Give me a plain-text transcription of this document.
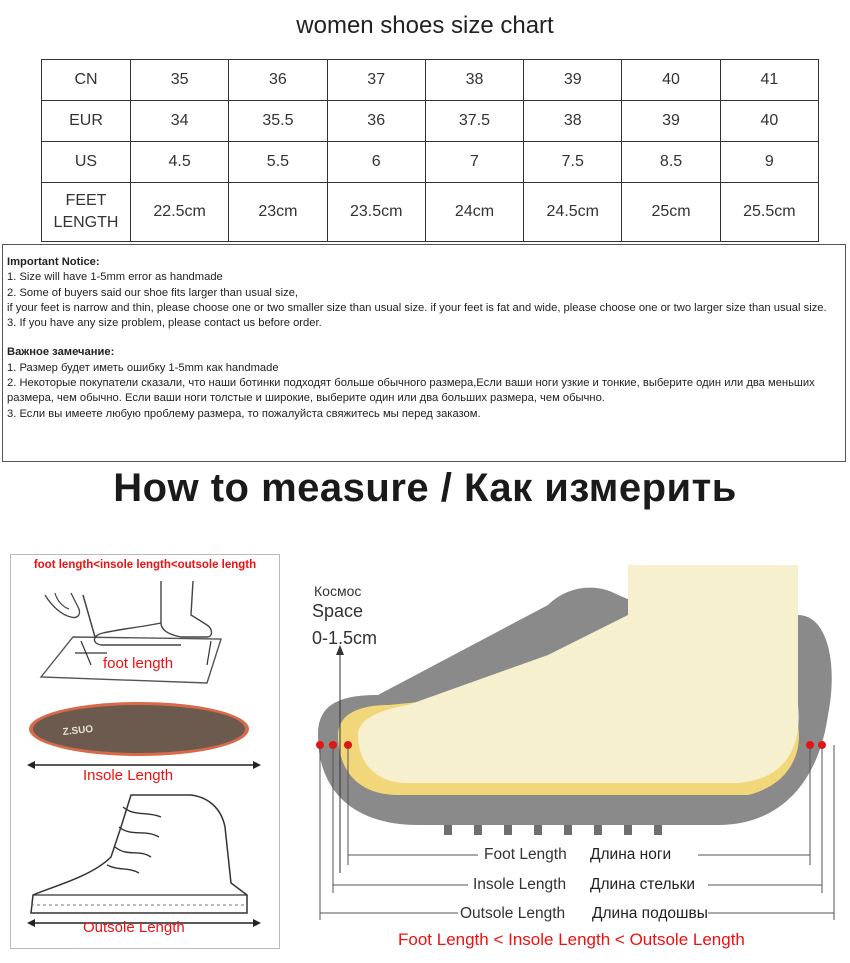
women shoes size chart
CN	35	36	37	38	39	40	41
EUR	34	35.5	36	37.5	38	39	40
US	4.5	5.5	6	7	7.5	8.5	9
FEET
LENGTH	22.5cm	23cm	23.5cm	24cm	24.5cm	25cm	25.5cm
Important Notice:
1. Size will have 1-5mm error as handmade
2. Some of buyers said our shoe fits larger than usual size,
if your feet is narrow and thin, please choose one or two smaller size than usual size. if your feet is fat and wide, please choose one or two larger size than usual size.
3. If you have any size problem, please contact us before order.
Важное замечание:
1. Размер будет иметь ошибку 1-5mm как handmade
2. Некоторые покупатели сказали, что наши ботинки подходят больше обычного размера,Если ваши ноги узкие и тонкие, выберите один или два меньших размера, чем обычно. Если ваши ноги толстые и широкие, выберите один или два больших размера, чем обычно.
3. Если вы имеете любую проблему размера, то пожалуйста свяжитесь мы перед заказом.
How to measure / Как измерить
foot length<insole length<outsole length
foot length
Z.SUO
Insole Length
Outsole Length
Космос
Space
0-1.5cm
Foot Length Длина ноги
Insole Length Длина стельки
Outsole Length Длина подошвы
Foot Length < Insole Length < Outsole Length
